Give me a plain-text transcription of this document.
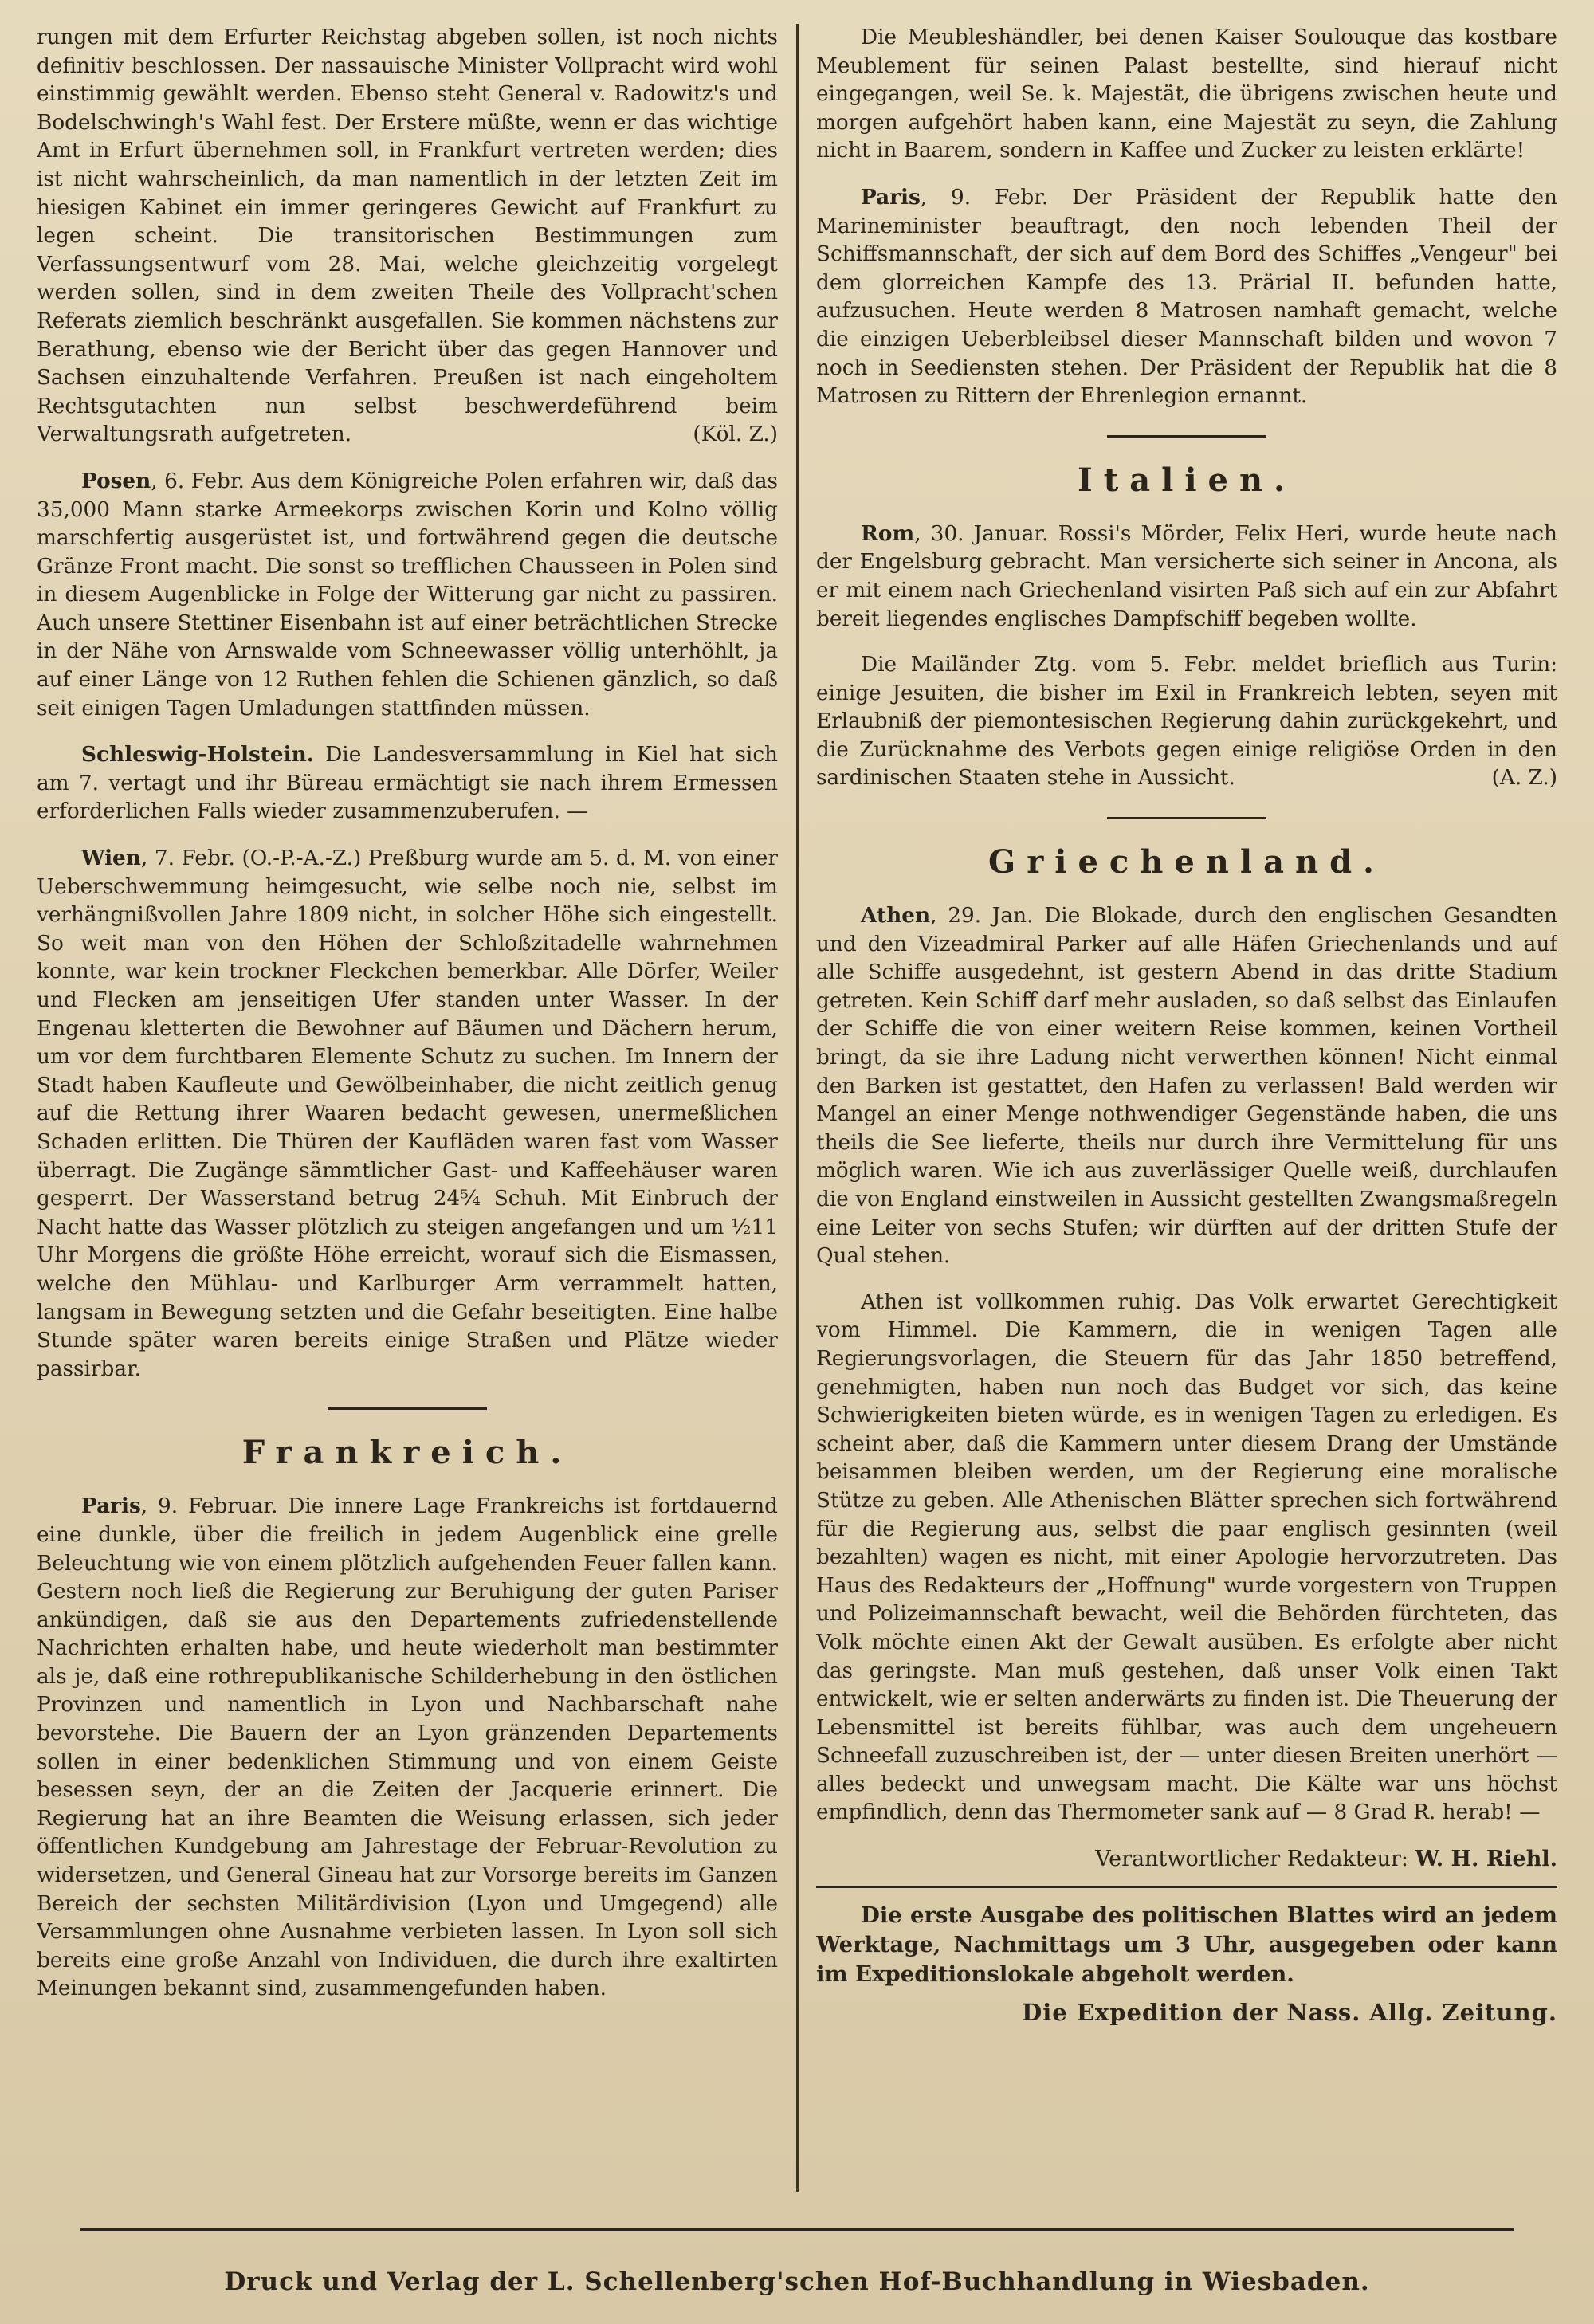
rungen mit dem Erfurter Reichstag abgeben sollen, ist noch nichts definitiv beschlossen. Der nassauische Minister Vollpracht wird wohl einstimmig gewählt werden. Ebenso steht General v. Radowitz's und Bodelschwingh's Wahl fest. Der Erstere müßte, wenn er das wichtige Amt in Erfurt übernehmen soll, in Frankfurt vertreten werden; dies ist nicht wahrscheinlich, da man namentlich in der letzten Zeit im hiesigen Kabinet ein immer geringeres Gewicht auf Frankfurt zu legen scheint. Die transitorischen Bestimmungen zum Verfassungsentwurf vom 28. Mai, welche gleichzeitig vorgelegt werden sollen, sind in dem zweiten Theile des Vollpracht'schen Referats ziemlich beschränkt ausgefallen. Sie kommen nächstens zur Berathung, ebenso wie der Bericht über das gegen Hannover und Sachsen einzuhaltende Verfahren. Preußen ist nach eingeholtem Rechtsgutachten nun selbst beschwerdeführend beim Verwaltungsrath aufgetreten.	(Köl. Z.)

Posen, 6. Febr. Aus dem Königreiche Polen erfahren wir, daß das 35,000 Mann starke Armeekorps zwischen Korin und Kolno völlig marschfertig ausgerüstet ist, und fortwährend gegen die deutsche Gränze Front macht. Die sonst so trefflichen Chausseen in Polen sind in diesem Augenblicke in Folge der Witterung gar nicht zu passiren. Auch unsere Stettiner Eisenbahn ist auf einer beträchtlichen Strecke in der Nähe von Arnswalde vom Schneewasser völlig unterhöhlt, ja auf einer Länge von 12 Ruthen fehlen die Schienen gänzlich, so daß seit einigen Tagen Umladungen stattfinden müssen.

Schleswig-Holstein. Die Landesversammlung in Kiel hat sich am 7. vertagt und ihr Büreau ermächtigt sie nach ihrem Ermessen erforderlichen Falls wieder zusammenzuberufen. —

Wien, 7. Febr. (O.-P.-A.-Z.) Preßburg wurde am 5. d. M. von einer Ueberschwemmung heimgesucht, wie selbe noch nie, selbst im verhängnißvollen Jahre 1809 nicht, in solcher Höhe sich eingestellt. So weit man von den Höhen der Schloßzitadelle wahrnehmen konnte, war kein trockner Fleckchen bemerkbar. Alle Dörfer, Weiler und Flecken am jenseitigen Ufer standen unter Wasser. In der Engenau kletterten die Bewohner auf Bäumen und Dächern herum, um vor dem furchtbaren Elemente Schutz zu suchen. Im Innern der Stadt haben Kaufleute und Gewölbeinhaber, die nicht zeitlich genug auf die Rettung ihrer Waaren bedacht gewesen, unermeßlichen Schaden erlitten. Die Thüren der Kaufläden waren fast vom Wasser überragt. Die Zugänge sämmtlicher Gast- und Kaffeehäuser waren gesperrt. Der Wasserstand betrug 24⁵⁄₄ Schuh. Mit Einbruch der Nacht hatte das Wasser plötzlich zu steigen angefangen und um ½11 Uhr Morgens die größte Höhe erreicht, worauf sich die Eismassen, welche den Mühlau- und Karlburger Arm verrammelt hatten, langsam in Bewegung setzten und die Gefahr beseitigten. Eine halbe Stunde später waren bereits einige Straßen und Plätze wieder passirbar.

Frankreich.

Paris, 9. Februar. Die innere Lage Frankreichs ist fortdauernd eine dunkle, über die freilich in jedem Augenblick eine grelle Beleuchtung wie von einem plötzlich aufgehenden Feuer fallen kann. Gestern noch ließ die Regierung zur Beruhigung der guten Pariser ankündigen, daß sie aus den Departements zufriedenstellende Nachrichten erhalten habe, und heute wiederholt man bestimmter als je, daß eine rothrepublikanische Schilderhebung in den östlichen Provinzen und namentlich in Lyon und Nachbarschaft nahe bevorstehe. Die Bauern der an Lyon gränzenden Departements sollen in einer bedenklichen Stimmung und von einem Geiste besessen seyn, der an die Zeiten der Jacquerie erinnert. Die Regierung hat an ihre Beamten die Weisung erlassen, sich jeder öffentlichen Kundgebung am Jahrestage der Februar-Revolution zu widersetzen, und General Gineau hat zur Vorsorge bereits im Ganzen Bereich der sechsten Militärdivision (Lyon und Umgegend) alle Versammlungen ohne Ausnahme verbieten lassen. In Lyon soll sich bereits eine große Anzahl von Individuen, die durch ihre exaltirten Meinungen bekannt sind, zusammengefunden haben.

Die Meubleshändler, bei denen Kaiser Soulouque das kostbare Meublement für seinen Palast bestellte, sind hierauf nicht eingegangen, weil Se. k. Majestät, die übrigens zwischen heute und morgen aufgehört haben kann, eine Majestät zu seyn, die Zahlung nicht in Baarem, sondern in Kaffee und Zucker zu leisten erklärte!

Paris, 9. Febr. Der Präsident der Republik hatte den Marineminister beauftragt, den noch lebenden Theil der Schiffsmannschaft, der sich auf dem Bord des Schiffes „Vengeur" bei dem glorreichen Kampfe des 13. Prärial II. befunden hatte, aufzusuchen. Heute werden 8 Matrosen namhaft gemacht, welche die einzigen Ueberbleibsel dieser Mannschaft bilden und wovon 7 noch in Seediensten stehen. Der Präsident der Republik hat die 8 Matrosen zu Rittern der Ehrenlegion ernannt.

Italien.

Rom, 30. Januar. Rossi's Mörder, Felix Heri, wurde heute nach der Engelsburg gebracht. Man versicherte sich seiner in Ancona, als er mit einem nach Griechenland visirten Paß sich auf ein zur Abfahrt bereit liegendes englisches Dampfschiff begeben wollte.

Die Mailänder Ztg. vom 5. Febr. meldet brieflich aus Turin: einige Jesuiten, die bisher im Exil in Frankreich lebten, seyen mit Erlaubniß der piemontesischen Regierung dahin zurückgekehrt, und die Zurücknahme des Verbots gegen einige religiöse Orden in den sardinischen Staaten stehe in Aussicht.	(A. Z.)

Griechenland.

Athen, 29. Jan. Die Blokade, durch den englischen Gesandten und den Vizeadmiral Parker auf alle Häfen Griechenlands und auf alle Schiffe ausgedehnt, ist gestern Abend in das dritte Stadium getreten. Kein Schiff darf mehr ausladen, so daß selbst das Einlaufen der Schiffe die von einer weitern Reise kommen, keinen Vortheil bringt, da sie ihre Ladung nicht verwerthen können! Nicht einmal den Barken ist gestattet, den Hafen zu verlassen! Bald werden wir Mangel an einer Menge nothwendiger Gegenstände haben, die uns theils die See lieferte, theils nur durch ihre Vermittelung für uns möglich waren. Wie ich aus zuverlässiger Quelle weiß, durchlaufen die von England einstweilen in Aussicht gestellten Zwangsmaßregeln eine Leiter von sechs Stufen; wir dürften auf der dritten Stufe der Qual stehen.

Athen ist vollkommen ruhig. Das Volk erwartet Gerechtigkeit vom Himmel. Die Kammern, die in wenigen Tagen alle Regierungsvorlagen, die Steuern für das Jahr 1850 betreffend, genehmigten, haben nun noch das Budget vor sich, das keine Schwierigkeiten bieten würde, es in wenigen Tagen zu erledigen. Es scheint aber, daß die Kammern unter diesem Drang der Umstände beisammen bleiben werden, um der Regierung eine moralische Stütze zu geben. Alle Athenischen Blätter sprechen sich fortwährend für die Regierung aus, selbst die paar englisch gesinnten (weil bezahlten) wagen es nicht, mit einer Apologie hervorzutreten. Das Haus des Redakteurs der „Hoffnung" wurde vorgestern von Truppen und Polizeimannschaft bewacht, weil die Behörden fürchteten, das Volk möchte einen Akt der Gewalt ausüben. Es erfolgte aber nicht das geringste. Man muß gestehen, daß unser Volk einen Takt entwickelt, wie er selten anderwärts zu finden ist. Die Theuerung der Lebensmittel ist bereits fühlbar, was auch dem ungeheuern Schneefall zuzuschreiben ist, der — unter diesen Breiten unerhört — alles bedeckt und unwegsam macht. Die Kälte war uns höchst empfindlich, denn das Thermometer sank auf — 8 Grad R. herab! —

Verantwortlicher Redakteur: W. H. Riehl.

Die erste Ausgabe des politischen Blattes wird an jedem Werktage, Nachmittags um 3 Uhr, ausgegeben oder kann im Expeditionslokale abgeholt werden.

Die Expedition der Nass. Allg. Zeitung.
Druck und Verlag der L. Schellenberg'schen Hof-Buchhandlung in Wiesbaden.
